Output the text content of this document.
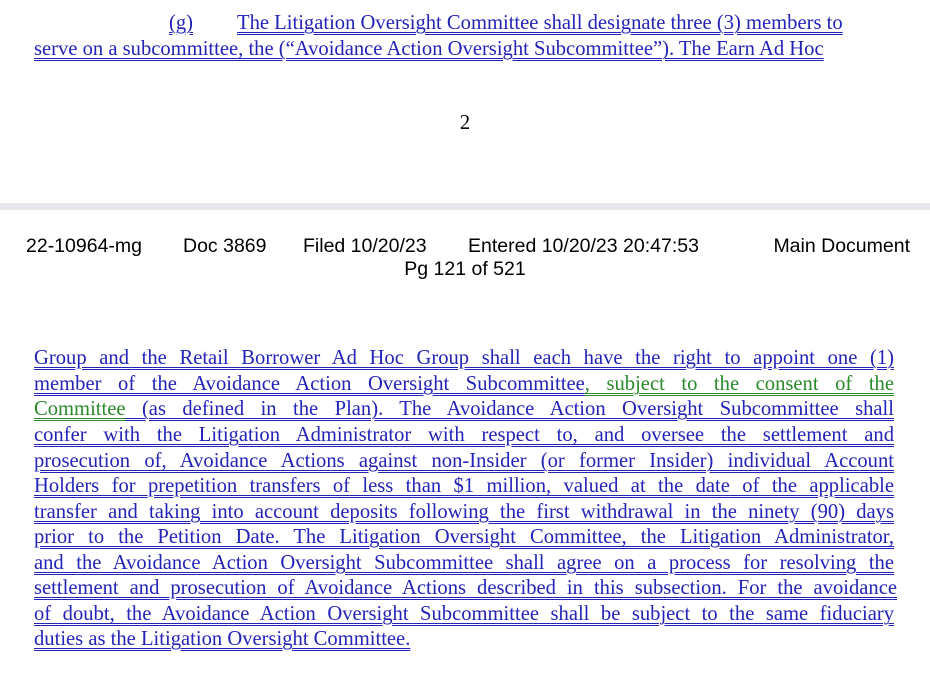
(g) The Litigation Oversight Committee shall designate three (3) members to
serve on a subcommittee, the (“Avoidance Action Oversight Subcommittee”). The Earn Ad Hoc
2
22-10964-mg Doc 3869 Filed 10/20/23 Entered 10/20/23 20:47:53	Main Document
Pg 121 of 521
Group and the Retail Borrower Ad Hoc Group shall each have the right to appoint one (1)
member of the Avoidance Action Oversight Subcommittee, subject to the consent of the
Committee (as defined in the Plan). The Avoidance Action Oversight Subcommittee shall
confer with the Litigation Administrator with respect to, and oversee the settlement and
prosecution of, Avoidance Actions against non-Insider (or former Insider) individual Account
Holders for prepetition transfers of less than $1 million, valued at the date of the applicable
transfer and taking into account deposits following the first withdrawal in the ninety (90) days
prior to the Petition Date. The Litigation Oversight Committee, the Litigation Administrator,
and the Avoidance Action Oversight Subcommittee shall agree on a process for resolving the
settlement and prosecution of Avoidance Actions described in this subsection. For the avoidance
of doubt, the Avoidance Action Oversight Subcommittee shall be subject to the same fiduciary
duties as the Litigation Oversight Committee.
